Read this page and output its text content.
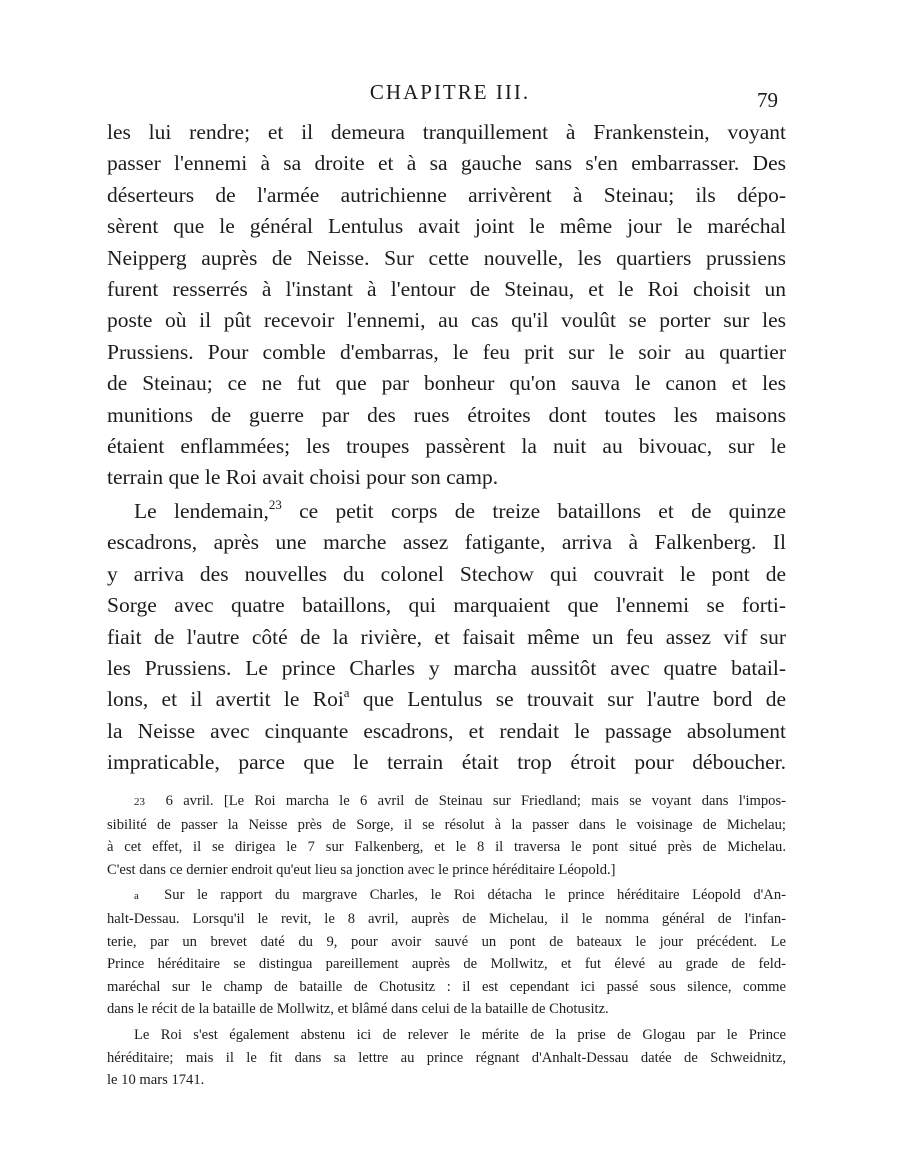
CHAPITRE III.	79

les lui rendre; et il demeura tranquillement à Frankenstein, voyant
passer l'ennemi à sa droite et à sa gauche sans s'en embarrasser. Des
déserteurs de l'armée autrichienne arrivèrent à Steinau; ils dépo-
sèrent que le général Lentulus avait joint le même jour le maréchal
Neipperg auprès de Neisse. Sur cette nouvelle, les quartiers prussiens
furent resserrés à l'instant à l'entour de Steinau, et le Roi choisit un
poste où il pût recevoir l'ennemi, au cas qu'il voulût se porter sur les
Prussiens. Pour comble d'embarras, le feu prit sur le soir au quartier
de Steinau; ce ne fut que par bonheur qu'on sauva le canon et les
munitions de guerre par des rues étroites dont toutes les maisons
étaient enflammées; les troupes passèrent la nuit au bivouac, sur le
terrain que le Roi avait choisi pour son camp.

Le lendemain,$^{23}$ ce petit corps de treize bataillons et de quinze
escadrons, après une marche assez fatigante, arriva à Falkenberg. Il
y arriva des nouvelles du colonel Stechow qui couvrait le pont de
Sorge avec quatre bataillons, qui marquaient que l'ennemi se forti-
fiait de l'autre côté de la rivière, et faisait même un feu assez vif sur
les Prussiens. Le prince Charles y marcha aussitôt avec quatre batail-
lons, et il avertit le Roi$^a$ que Lentulus se trouvait sur l'autre bord de
la Neisse avec cinquante escadrons, et rendait le passage absolument
impraticable, parce que le terrain était trop étroit pour déboucher.

23 6 avril. [Le Roi marcha le 6 avril de Steinau sur Friedland; mais se voyant dans l'impos-
sibilité de passer la Neisse près de Sorge, il se résolut à la passer dans le voisinage de Michelau;
à cet effet, il se dirigea le 7 sur Falkenberg, et le 8 il traversa le pont situé près de Michelau.
C'est dans ce dernier endroit qu'eut lieu sa jonction avec le prince héréditaire Léopold.]
a Sur le rapport du margrave Charles, le Roi détacha le prince héréditaire Léopold d'An-
halt-Dessau. Lorsqu'il le revit, le 8 avril, auprès de Michelau, il le nomma général de l'infan-
terie, par un brevet daté du 9, pour avoir sauvé un pont de bateaux le jour précédent. Le
Prince héréditaire se distingua pareillement auprès de Mollwitz, et fut élevé au grade de feld-
maréchal sur le champ de bataille de Chotusitz : il est cependant ici passé sous silence, comme
dans le récit de la bataille de Mollwitz, et blâmé dans celui de la bataille de Chotusitz.
Le Roi s'est également abstenu ici de relever le mérite de la prise de Glogau par le Prince
héréditaire; mais il le fit dans sa lettre au prince régnant d'Anhalt-Dessau datée de Schweidnitz,
le 10 mars 1741.
